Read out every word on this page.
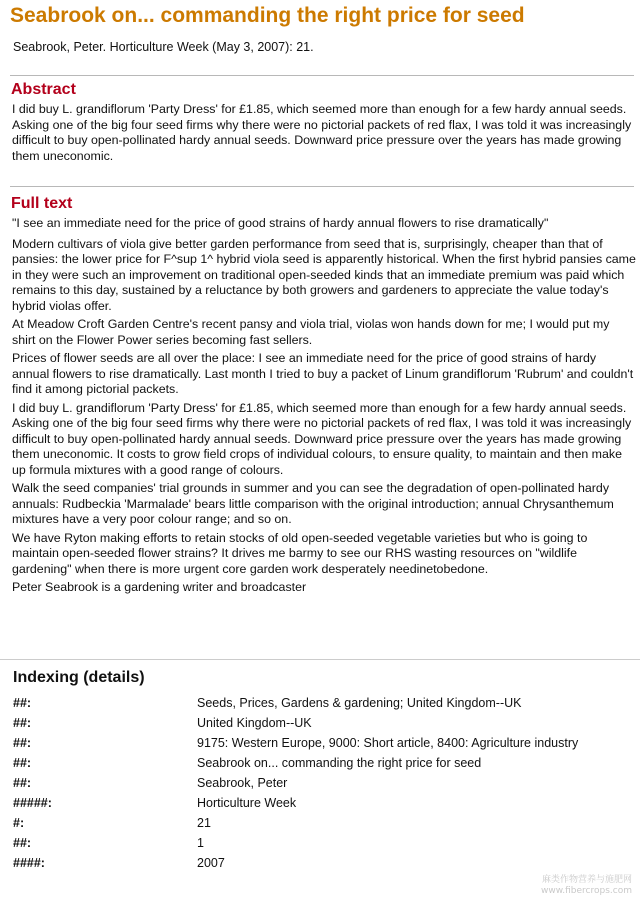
Seabrook on... commanding the right price for seed

Seabrook, Peter. Horticulture Week (May 3, 2007): 21.

Abstract

I did buy L. grandiflorum 'Party Dress' for £1.85, which seemed more than enough for a few hardy annual seeds. Asking one of the big four seed firms why there were no pictorial packets of red flax, I was told it was increasingly difficult to buy open-pollinated hardy annual seeds. Downward price pressure over the years has made growing them uneconomic.

Full text

"I see an immediate need for the price of good strains of hardy annual flowers to rise dramatically"

Modern cultivars of viola give better garden performance from seed that is, surprisingly, cheaper than that of pansies: the lower price for F^sup 1^ hybrid viola seed is apparently historical. When the first hybrid pansies came in they were such an improvement on traditional open-seeded kinds that an immediate premium was paid which remains to this day, sustained by a reluctance by both growers and gardeners to appreciate the value today's hybrid violas offer.

At Meadow Croft Garden Centre's recent pansy and viola trial, violas won hands down for me; I would put my shirt on the Flower Power series becoming fast sellers.

Prices of flower seeds are all over the place: I see an immediate need for the price of good strains of hardy annual flowers to rise dramatically. Last month I tried to buy a packet of Linum grandiflorum 'Rubrum' and couldn't find it among pictorial packets.

I did buy L. grandiflorum 'Party Dress' for £1.85, which seemed more than enough for a few hardy annual seeds. Asking one of the big four seed firms why there were no pictorial packets of red flax, I was told it was increasingly difficult to buy open-pollinated hardy annual seeds. Downward price pressure over the years has made growing them uneconomic. It costs to grow field crops of individual colours, to ensure quality, to maintain and then make up formula mixtures with a good range of colours.

Walk the seed companies' trial grounds in summer and you can see the degradation of open-pollinated hardy annuals: Rudbeckia 'Marmalade' bears little comparison with the original introduction; annual Chrysanthemum mixtures have a very poor colour range; and so on.

We have Ryton making efforts to retain stocks of old open-seeded vegetable varieties but who is going to maintain open-seeded flower strains? It drives me barmy to see our RHS wasting resources on "wildlife gardening" when there is more urgent core garden work desperately needinetobedone.

Peter Seabrook is a gardening writer and broadcaster

Indexing (details)
##:	Seeds, Prices, Gardens & gardening; United Kingdom--UK
##:	United Kingdom--UK
##:	9175: Western Europe, 9000: Short article, 8400: Agriculture industry
##:	Seabrook on... commanding the right price for seed
##:	Seabrook, Peter
#####:	Horticulture Week
#:	21
##:	1
####:	2007
麻类作物营养与施肥网
www.fibercrops.com
